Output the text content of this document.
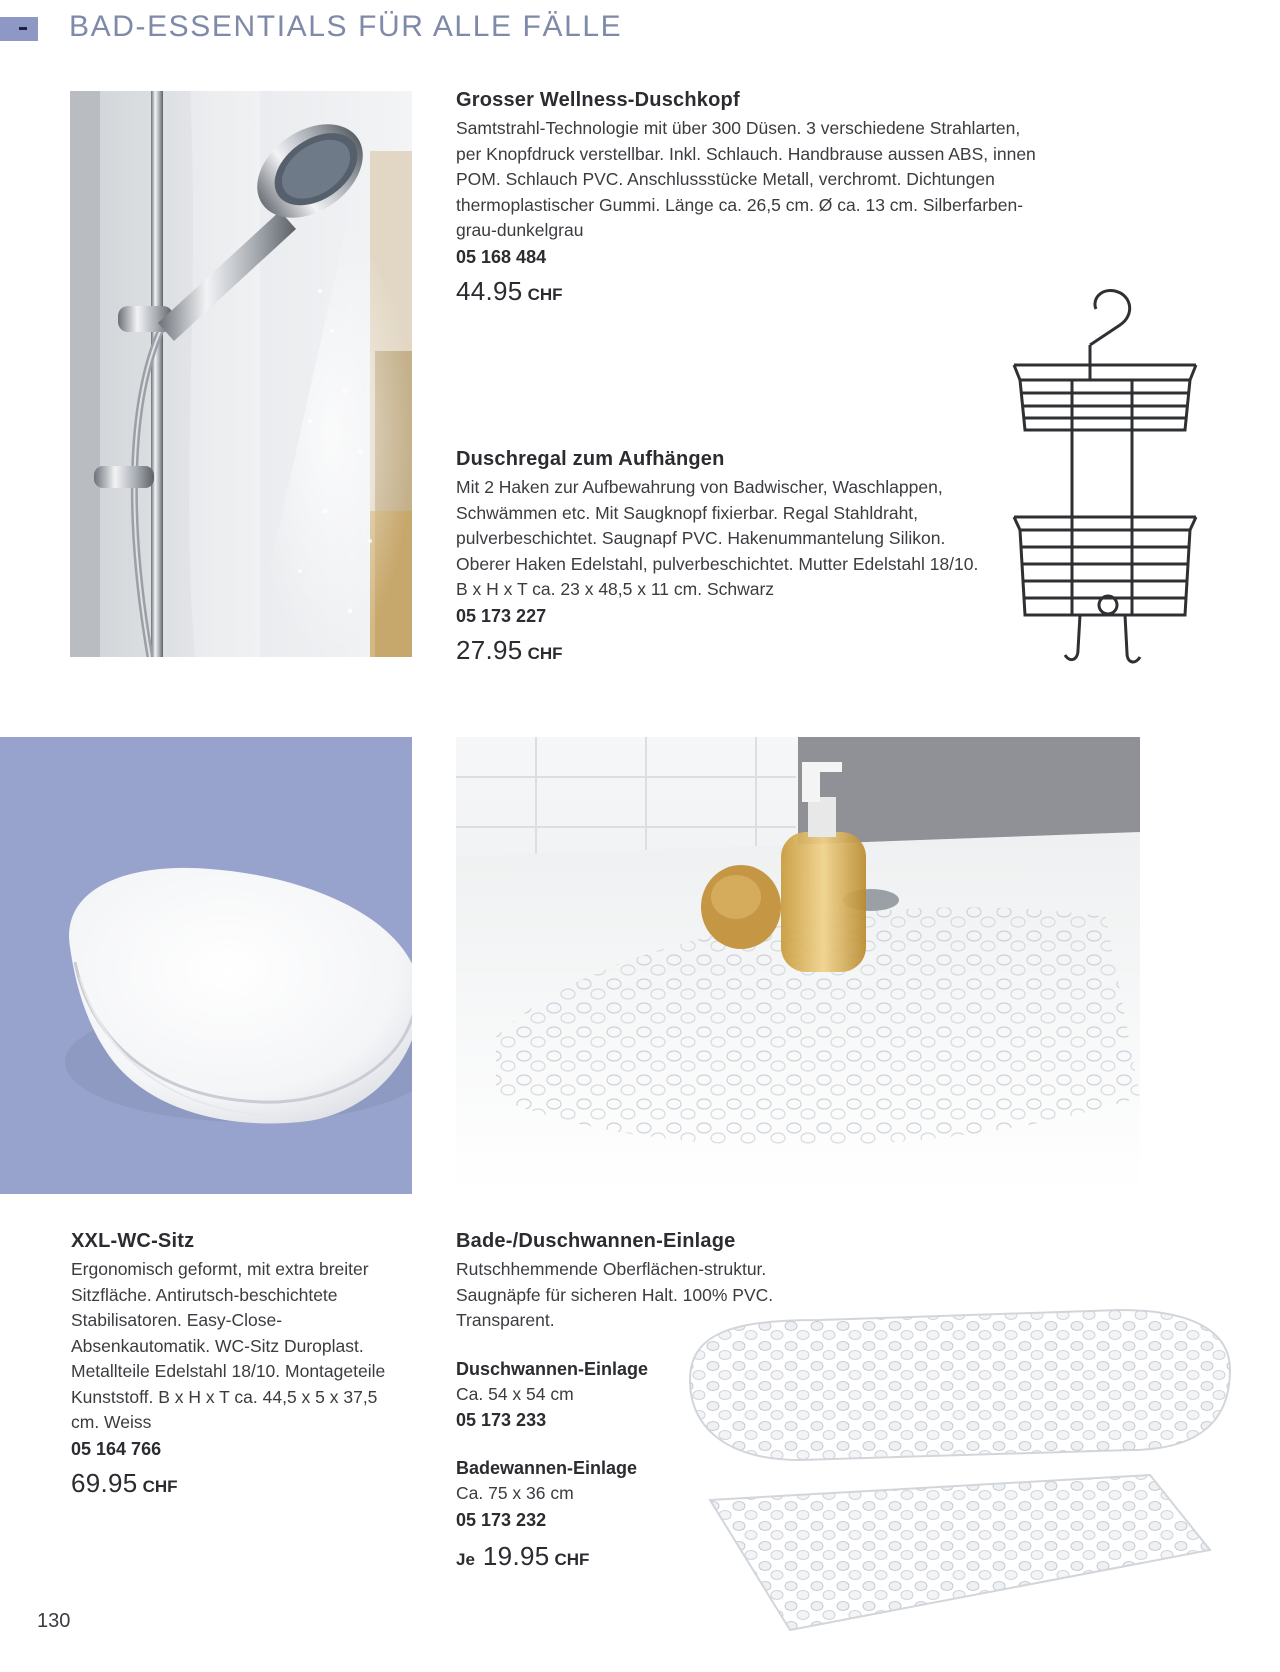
BAD-ESSENTIALS FÜR ALLE FÄLLE
Grosser Wellness-Duschkopf

Samtstrahl-Technologie mit über 300 Düsen. 3 verschiedene Strahlarten, per Knopfdruck verstellbar. Inkl. Schlauch. Handbrause aussen ABS, innen POM. Schlauch PVC. Anschlussstücke Metall, verchromt. Dichtungen thermoplastischer Gummi. Länge ca. 26,5 cm. Ø ca. 13 cm. Silberfarben-grau-dunkelgrau

05 168 484
44.95 CHF
Duschregal zum Aufhängen

Mit 2 Haken zur Aufbewahrung von Badwischer, Waschlappen, Schwämmen etc. Mit Saugknopf fixierbar. Regal Stahldraht, pulverbeschichtet. Saugnapf PVC. Hakenummantelung Silikon. Oberer Haken Edelstahl, pulverbeschichtet. Mutter Edelstahl 18/10. B x H x T ca. 23 x 48,5 x 11 cm. Schwarz

05 173 227
27.95 CHF
XXL-WC-Sitz

Ergonomisch geformt, mit extra breiter Sitzfläche. Antirutsch-beschichtete Stabilisatoren. Easy-Close-Absenkautomatik. WC-Sitz Duroplast. Metallteile Edelstahl 18/10. Montageteile Kunststoff. B x H x T ca. 44,5 x 5 x 37,5 cm. Weiss

05 164 766
69.95 CHF
Bade-/Duschwannen-Einlage

Rutschhemmende Oberflächen-struktur. Saugnäpfe für sicheren Halt. 100% PVC. Transparent.

Duschwannen-Einlage
Ca. 54 x 54 cm
05 173 233
Badewannen-Einlage
Ca. 75 x 36 cm
05 173 232
Je 19.95 CHF
130
